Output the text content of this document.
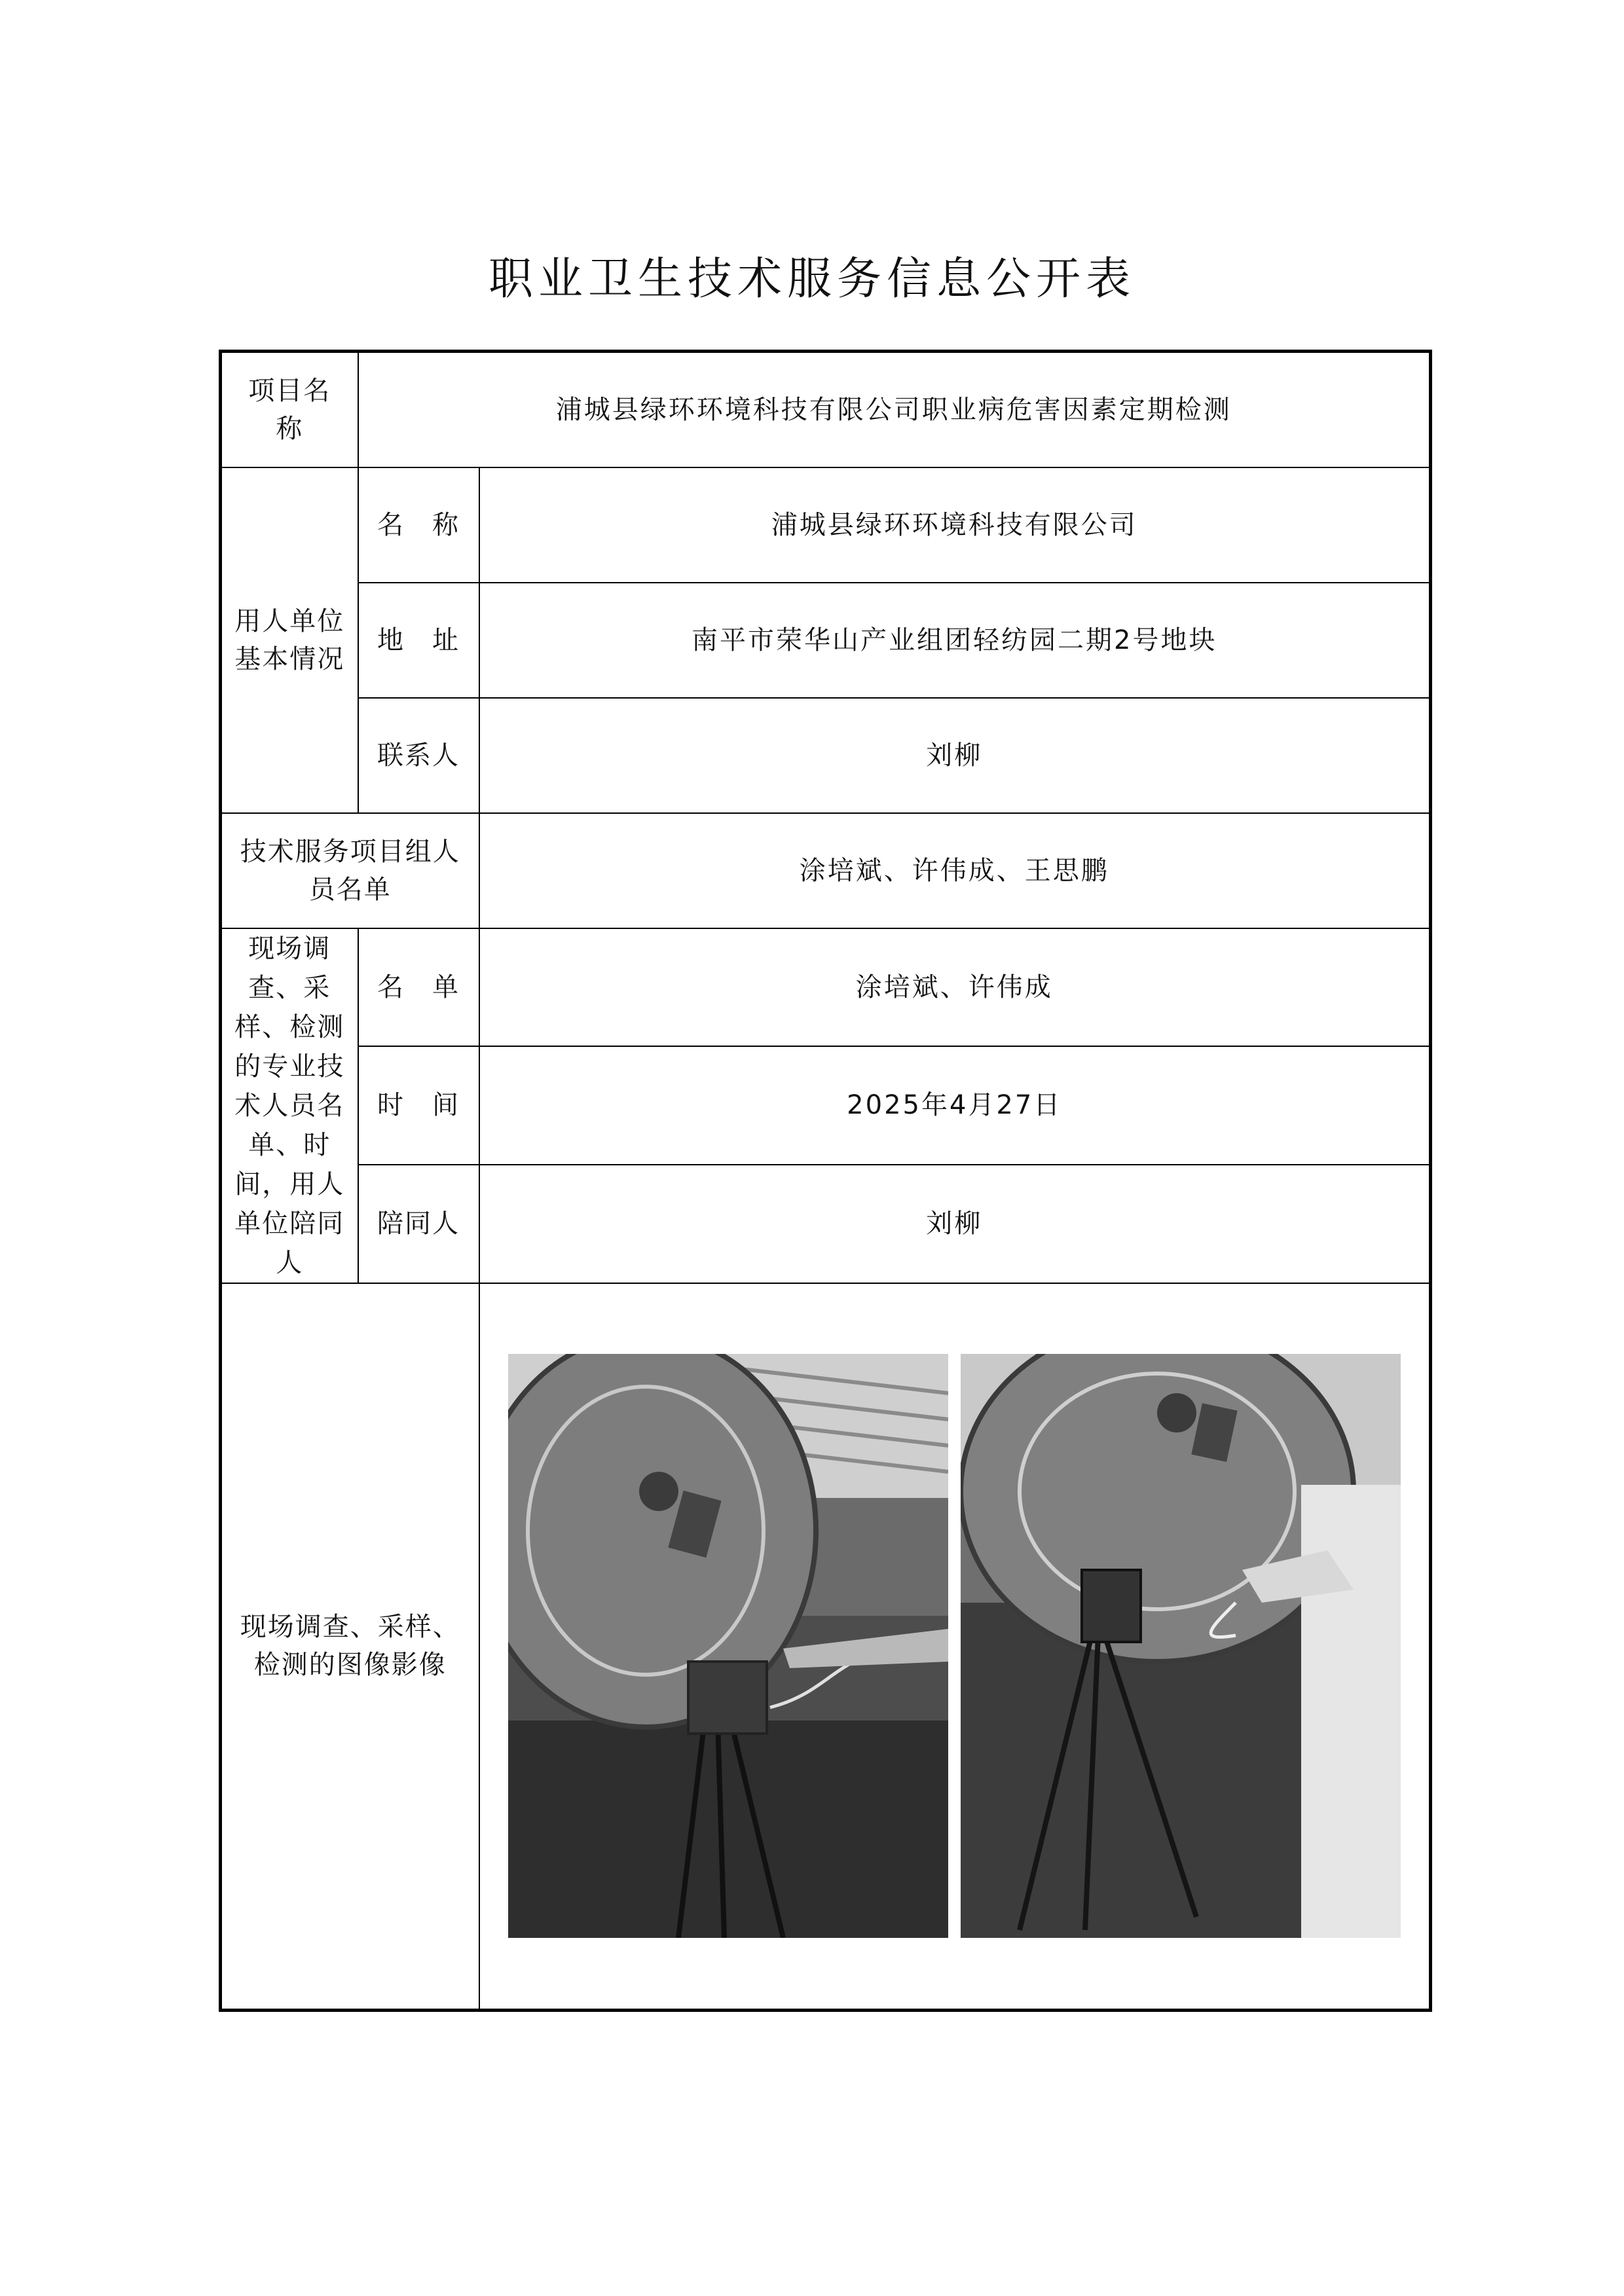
职业卫生技术服务信息公开表
项目名称	浦城县绿环环境科技有限公司职业病危害因素定期检测	

用人单位基本情况	名　称	浦城县绿环环境科技有限公司
	地　址	南平市荣华山产业组团轻纺园二期2号地块
	联系人	刘柳

技术服务项目组人员名单		涂培斌、许伟成、王思鹏

现场调查、采样、检测的专业技术人员名单、时间，用人单位陪同人	名　单	涂培斌、许伟成
	时　间	2025年4月27日
	陪同人	刘柳

现场调查、采样、检测的图像影像
